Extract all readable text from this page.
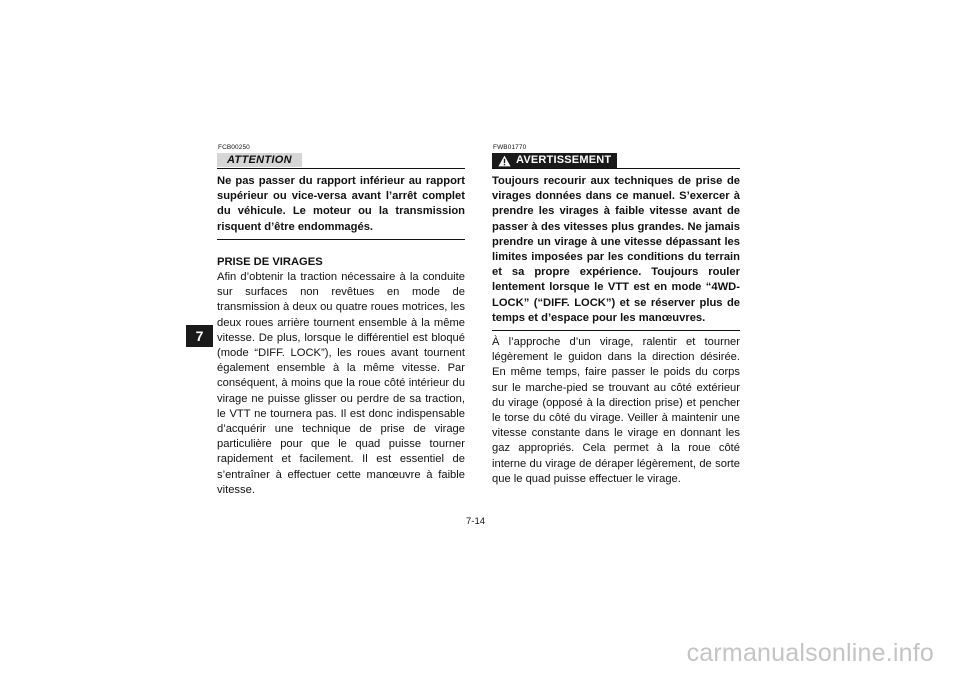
7
FCB00250
ATTENTION
Ne pas passer du rapport inférieur au rapport supérieur ou vice-versa avant l’arrêt complet du véhicule. Le moteur ou la transmission risquent d’être endommagés.
PRISE DE VIRAGES
Afin d’obtenir la traction nécessaire à la conduite sur surfaces non revêtues en mode de transmission à deux ou quatre roues motrices, les deux roues arrière tournent ensemble à la même vitesse. De plus, lorsque le différentiel est bloqué (mode “DIFF. LOCK”), les roues avant tournent également ensemble à la même vitesse. Par conséquent, à moins que la roue côté intérieur du virage ne puisse glisser ou perdre de sa traction, le VTT ne tournera pas. Il est donc indispensable d’acquérir une technique de prise de virage particulière pour que le quad puisse tourner rapidement et facilement. Il est essentiel de s’entraîner à effectuer cette manœuvre à faible vitesse.
FWB01770
AVERTISSEMENT
Toujours recourir aux techniques de prise de virages données dans ce manuel. S’exercer à prendre les virages à faible vitesse avant de passer à des vitesses plus grandes. Ne jamais prendre un virage à une vitesse dépassant les limites imposées par les conditions du terrain et sa propre expérience. Toujours rouler lentement lorsque le VTT est en mode “4WD-LOCK” (“DIFF. LOCK”) et se réserver plus de temps et d’espace pour les manœuvres.
À l’approche d’un virage, ralentir et tourner légèrement le guidon dans la direction désirée. En même temps, faire passer le poids du corps sur le marche-pied se trouvant au côté extérieur du virage (opposé à la direction prise) et pencher le torse du côté du virage. Veiller à maintenir une vitesse constante dans le virage en donnant les gaz appropriés. Cela permet à la roue côté interne du virage de déraper légèrement, de sorte que le quad puisse effectuer le virage.
7-14
carmanualsonline.info
